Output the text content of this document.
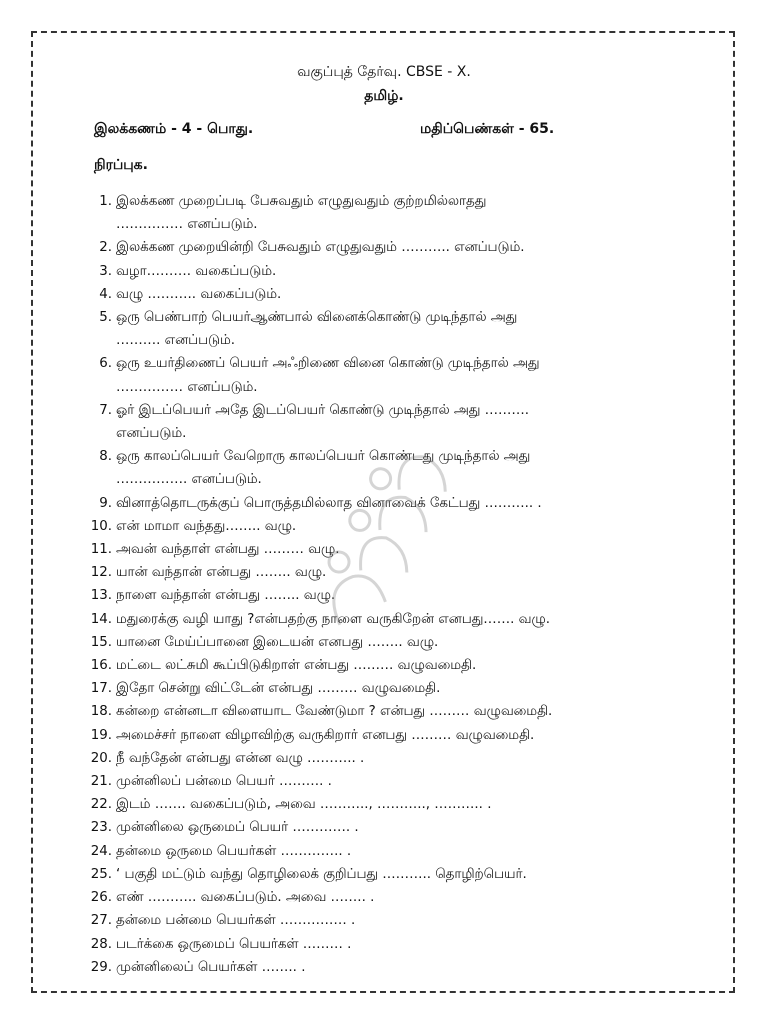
வகுப்புத் தேர்வு. CBSE - X.
தமிழ்.
இலக்கணம் - 4 - பொது.	மதிப்பெண்கள் - 65.
நிரப்புக.
1. இலக்கண முறைப்படி பேசுவதும் எழுதுவதும் குற்றமில்லாதது
…………… எனப்படும்.
2. இலக்கண முறையின்றி பேசுவதும் எழுதுவதும் ……….. எனப்படும்.
3. வழா………. வகைப்படும்.
4. வழு ……….. வகைப்படும்.
5. ஒரு பெண்பாற் பெயர்ஆண்பால் வினைக்கொண்டு முடிந்தால் அது
………. எனப்படும்.
6. ஒரு உயர்திணைப் பெயர் அஃறிணை வினை கொண்டு முடிந்தால் அது
…………… எனப்படும்.
7. ஓர் இடப்பெயர் அதே இடப்பெயர் கொண்டு முடிந்தால் அது ……….
எனப்படும்.
8. ஒரு காலப்பெயர் வேறொரு காலப்பெயர் கொண்டது முடிந்தால் அது
……………. எனப்படும்.
9. வினாத்தொடருக்குப் பொருத்தமில்லாத வினாவைக் கேட்பது ……….. .
10. என் மாமா வந்தது…….. வழு.
11. அவன் வந்தாள் என்பது ……… வழு.
12. யான் வந்தான் என்பது …….. வழு.
13. நாளை வந்தான் என்பது …….. வழு.
14. மதுரைக்கு வழி யாது ?என்பதற்கு நாளை வருகிறேன் எனபது……. வழு.
15. யானை மேய்ப்பானை இடையன் எனபது …….. வழு.
16. மட்டை லட்சுமி கூப்பிடுகிறாள் என்பது ……… வழுவமைதி.
17. இதோ சென்று விட்டேன் என்பது ……… வழுவமைதி.
18. கன்றை என்னடா விளையாட வேண்டுமா ? என்பது ……… வழுவமைதி.
19. அமைச்சர் நாளை விழாவிற்கு வருகிறார் எனபது ……… வழுவமைதி.
20. நீ வந்தேன் என்பது என்ன வழு ……….. .
21. முன்னிலப் பன்மை பெயர் ………. .
22. இடம் ……. வகைப்படும், அவை ……….., ……….., ……….. .
23. முன்னிலை ஒருமைப் பெயர் …………. .
24. தன்மை ஒருமை பெயர்கள் ………….. .
25. ‘ பகுதி மட்டும் வந்து தொழிலைக் குறிப்பது ……….. தொழிற்பெயர்.
26. எண் ……….. வகைப்படும். அவை …….. .
27. தன்மை பன்மை பெயர்கள் …………… .
28. படர்க்கை ஒருமைப் பெயர்கள் ……… .
29. முன்னிலைப் பெயர்கள் …….. .
